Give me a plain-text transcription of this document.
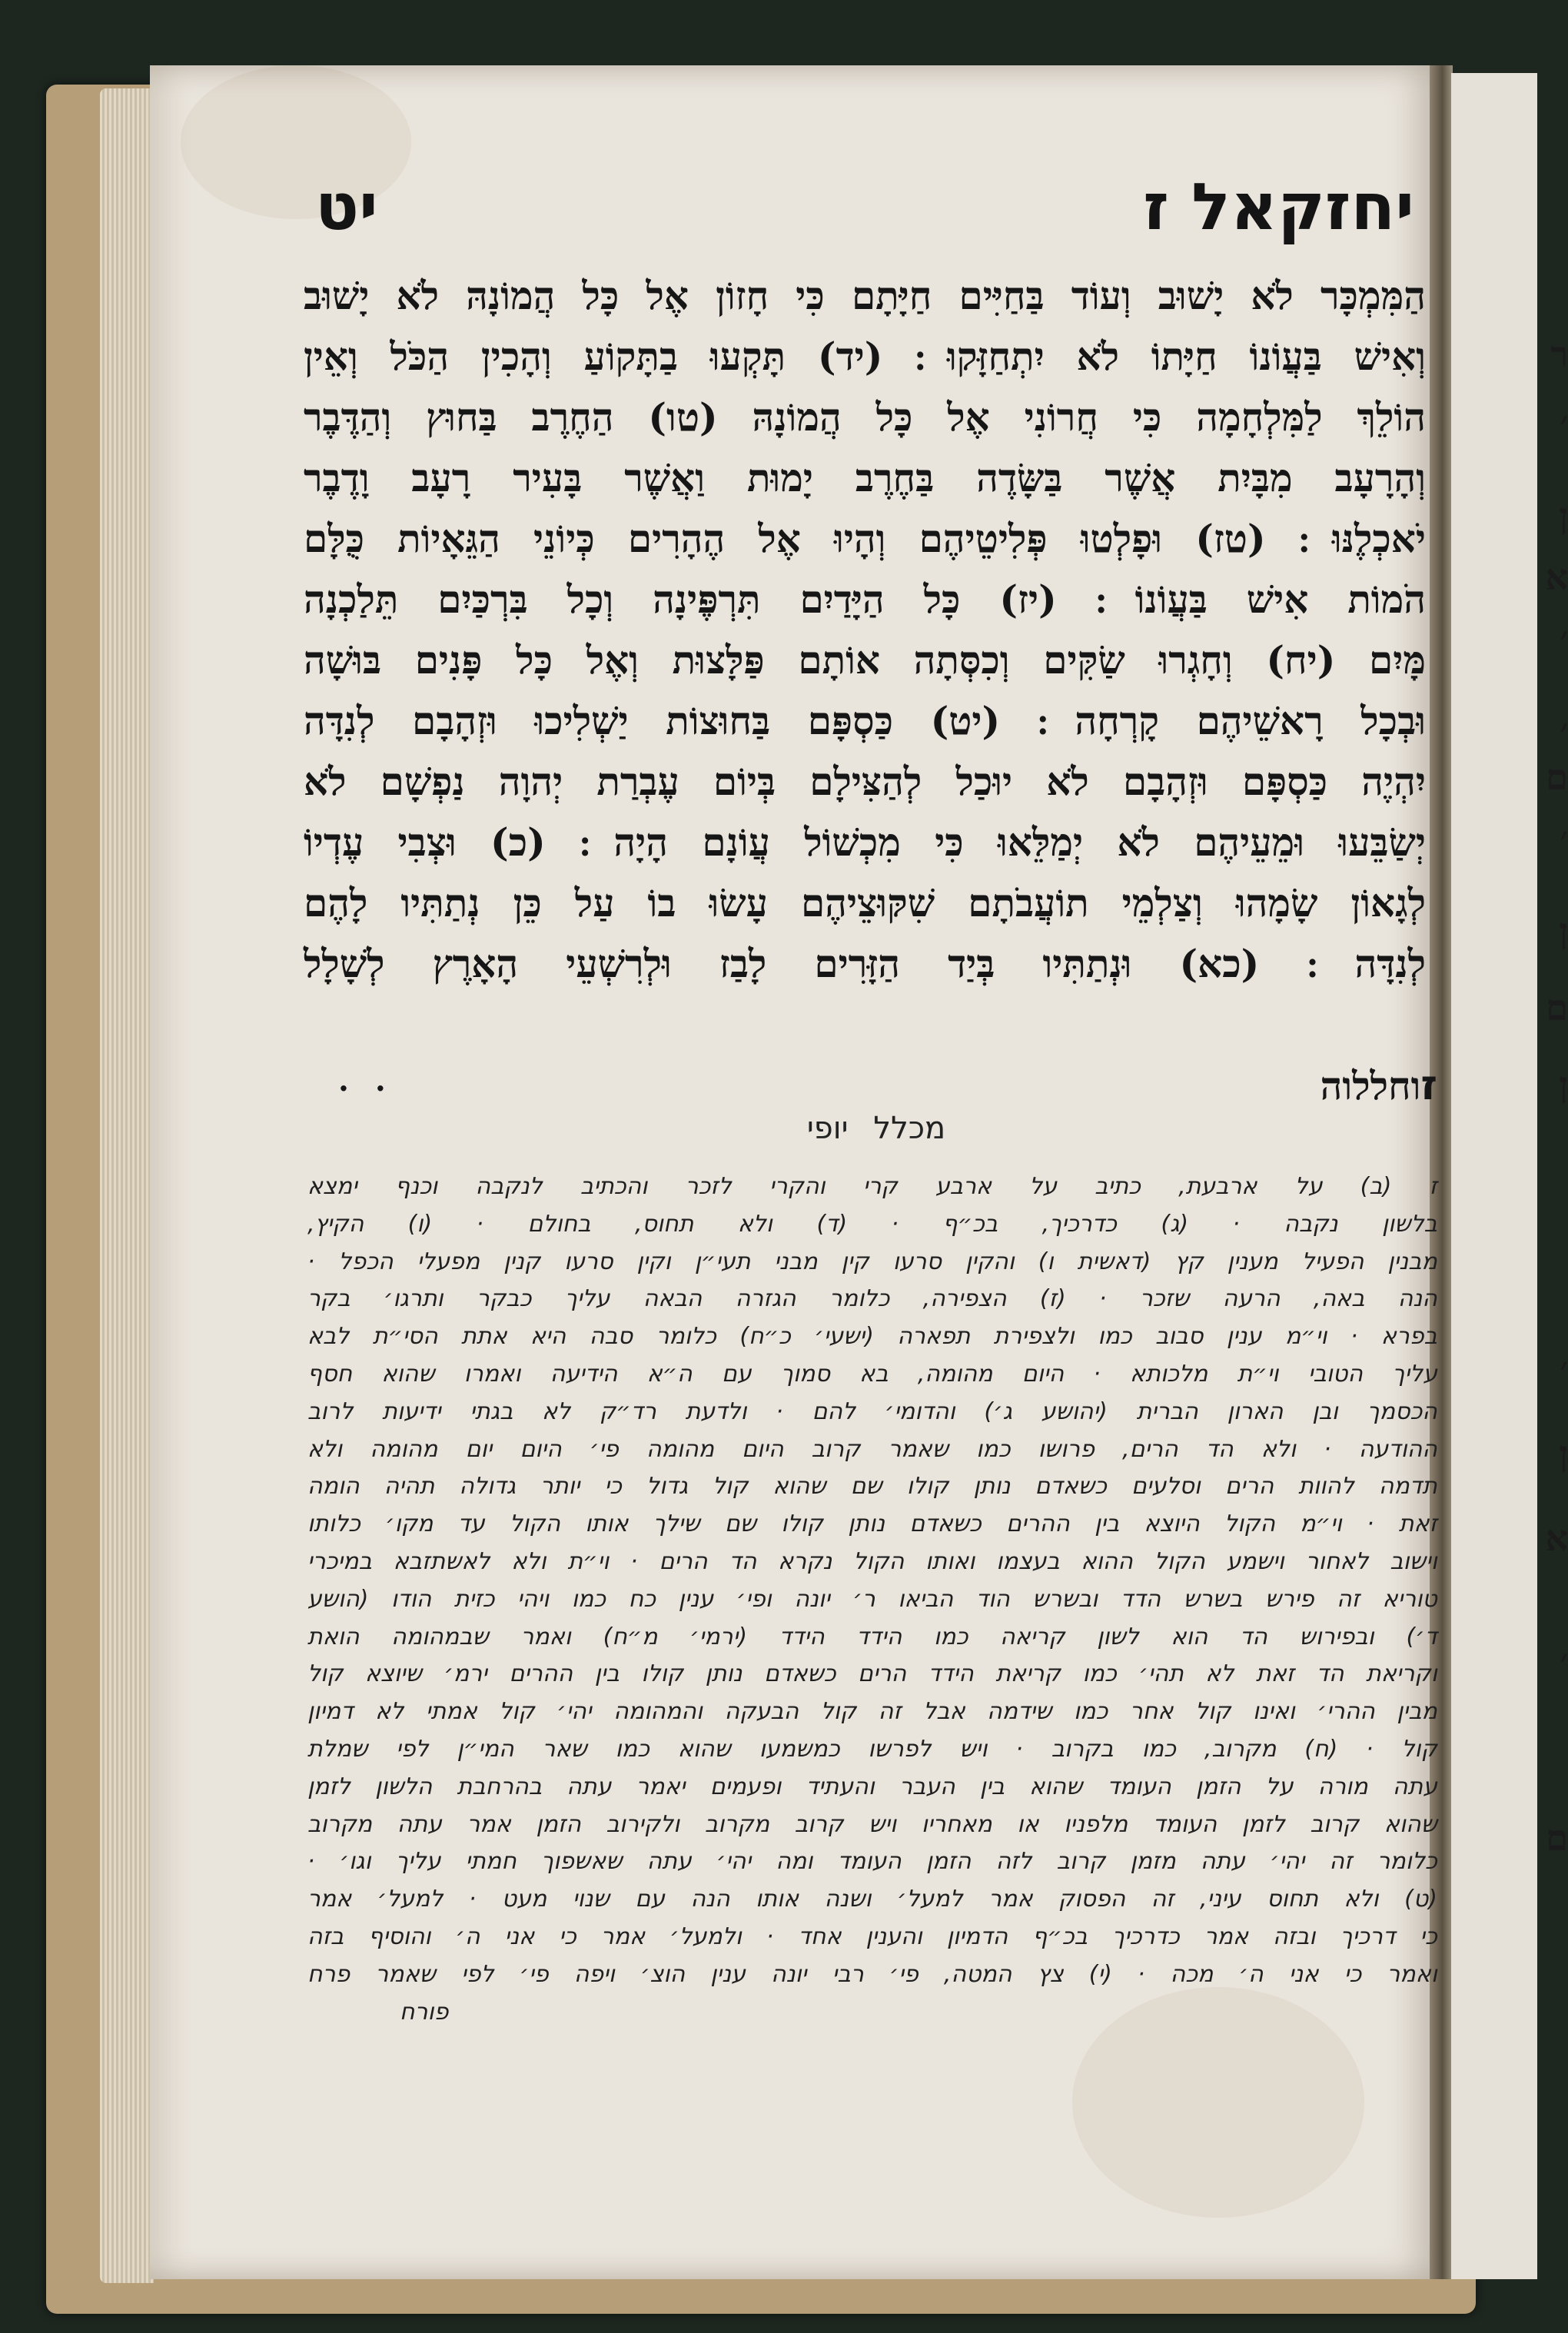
ר
׳
ן
א
׳
׳
ם
׳
ן
ם
ן
׳
ן
א
׳
ם
יחזקאל ז
יט
הַמִּמְכָּר לֹא יָשׁוּב וְעוֹד בַּחַיִּים חַיָּתָם כִּי חָזוֹן אֶל כָּל הֲמוֹנָהּ לֹא יָשׁוּב
וְאִישׁ בַּעֲוֹנוֹ חַיָּתוֹ לֹא יִתְחַזָּקוּ ׃ (יד) תָּקְעוּ בַתָּקוֹעַ וְהָכִין הַכֹּל וְאֵין
הוֹלֵךְ לַמִּלְחָמָה כִּי חֲרוֹנִי אֶל כָּל הֲמוֹנָהּ (טו) הַחֶרֶב בַּחוּץ וְהַדֶּבֶר
וְהָרָעָב מִבָּיִת אֲשֶׁר בַּשָּׂדֶה בַּחֶרֶב יָמוּת וַאֲשֶׁר בָּעִיר רָעָב וָדֶבֶר
יֹאכְלֶנּוּ ׃ (טז) וּפָלְטוּ פְּלִיטֵיהֶם וְהָיוּ אֶל הֶהָרִים כְּיוֹנֵי הַגֵּאָיוֹת כֻּלָּם
הֹמוֹת אִישׁ בַּעֲוֹנוֹ ׃ (יז) כָּל הַיָּדַיִם תִּרְפֶּינָה וְכָל בִּרְכַּיִם תֵּלַכְנָה
מָּיִם (יח) וְחָגְרוּ שַׂקִּים וְכִסְּתָה אוֹתָם פַּלָּצוּת וְאֶל כָּל פָּנִים בּוּשָׁה
וּבְכָל רָאשֵׁיהֶם קָרְחָה ׃ (יט) כַּסְפָּם בַּחוּצוֹת יַשְׁלִיכוּ וּזְהָבָם לְנִדָּה
יִהְיֶה כַּסְפָּם וּזְהָבָם לֹא יוּכַל לְהַצִּילָם בְּיוֹם עֶבְרַת יְהוָה נַפְשָׁם לֹא
יְשַׂבֵּעוּ וּמֵעֵיהֶם לֹא יְמַלֵּאוּ כִּי מִכְשׁוֹל עֲוֹנָם הָיָה ׃ (כ) וּצְבִי עֶדְיוֹ
לְגָאוֹן שָׂמָהוּ וְצַלְמֵי תוֹעֲבֹתָם שִׁקּוּצֵיהֶם עָשׂוּ בוֹ עַל כֵּן נְתַתִּיו לָהֶם
לְנִדָּה ׃ (כא) וּנְתַתִּיו בְּיַד הַזָּרִים לָבַז וּלְרִשְׁעֵי הָאָרֶץ לְשָׁלָל
ז
וחללוה
· ·
מכלל יופי
ז (ב) על ארבעת, כתיב על ארבע קרי והקרי לזכר והכתיב לנקבה וכנף ימצא
בלשון נקבה · (ג) כדרכיך, בכ״ף · (ד) ולא תחוס, בחולם · (ו) הקיץ,
מבנין הפעיל מענין קץ (דאשית ו) והקין סרעו קין מבני תעי״ן וקין סרעו קנין מפעלי הכפל ·
הנה באה, הרעה שזכר · (ז) הצפירה, כלומר הגזרה הבאה עליך כבקר ותרגו׳ בקר
בפרא · וי״מ ענין סבוב כמו ולצפירת תפארה (ישעי׳ כ״ח) כלומר סבה היא אתת הסי״ת לבא
עליך הטובי וי״ת מלכותא · היום מהומה, בא סמוך עם ה״א הידיעה ואמרו שהוא חסף
הכסמך ובן הארון הברית (יהושע ג׳) והדומי׳ להם · ולדעת רד״ק לא בגתי ידיעות לרוב
ההודעה · ולא הד הרים, פרושו כמו שאמר קרוב היום מהומה פי׳ היום יום מהומה ולא
תדמה להוות הרים וסלעים כשאדם נותן קולו שם שהוא קול גדול כי יותר גדולה תהיה הומה
זאת · וי״מ הקול היוצא בין ההרים כשאדם נותן קולו שם שילך אותו הקול עד מקו׳ כלותו
וישוב לאחור וישמע הקול ההוא בעצמו ואותו הקול נקרא הד הרים · וי״ת ולא לאשתזבא במיכרי
טוריא זה פירש בשרש הדד ובשרש הוד הביאו ר׳ יונה ופי׳ ענין כח כמו ויהי כזית הודו (הושע
ד׳) ובפירוש הד הוא לשון קריאה כמו הידד הידד (ירמי׳ מ״ח) ואמר שבמהומה הואת
וקריאת הד זאת לא תהי׳ כמו קריאת הידד הרים כשאדם נותן קולו בין ההרים ירמ׳ שיוצא קול
מבין ההרי׳ ואינו קול אחר כמו שידמה אבל זה קול הבעקה והמהומה יהי׳ קול אמתי לא דמיון
קול · (ח) מקרוב, כמו בקרוב · ויש לפרשו כמשמעו שהוא כמו שאר המי״ן לפי שמלת
עתה מורה על הזמן העומד שהוא בין העבר והעתיד ופעמים יאמר עתה בהרחבת הלשון לזמן
שהוא קרוב לזמן העומד מלפניו או מאחריו ויש קרוב מקרוב ולקירוב הזמן אמר עתה מקרוב
כלומר זה יהי׳ עתה מזמן קרוב לזה הזמן העומד ומה יהי׳ עתה שאשפוך חמתי עליך וגו׳ ·
(ט) ולא תחוס עיני, זה הפסוק אמר למעל׳ ושנה אותו הנה עם שנוי מעט · למעל׳ אמר
כי דרכיך ובזה אמר כדרכיך בכ״ף הדמיון והענין אחד · ולמעל׳ אמר כי אני ה׳ והוסיף בזה
ואמר כי אני ה׳ מכה · (י) צץ המטה, פי׳ רבי יונה ענין הוצ׳ ויפה פי׳ לפי שאמר פרח
פורח
